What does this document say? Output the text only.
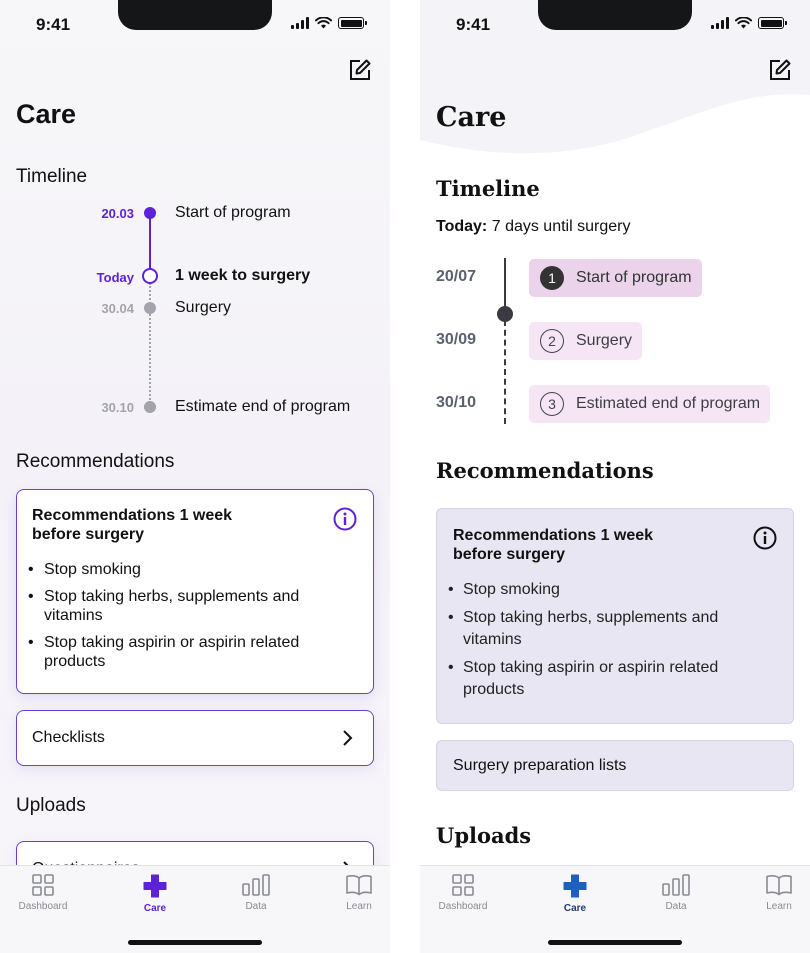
9:41
Care
Timeline
20.03	Start of program
Today	1 week to surgery
30.04	Surgery
30.10	Estimate end of program
Recommendations
Recommendations 1 week before surgery
• Stop smoking
• Stop taking herbs, supplements and vitamins
• Stop taking aspirin or aspirin related products
Checklists
Uploads
Dashboard	Care	Data	Learn
9:41
Care
Timeline
Today: 7 days until surgery
20/07	1	Start of program
30/09	2	Surgery
30/10	3	Estimated end of program
Recommendations
Recommendations 1 week before surgery
• Stop smoking
• Stop taking herbs, supplements and vitamins
• Stop taking aspirin or aspirin related products
Surgery preparation lists
Uploads
Dashboard	Care	Data	Learn
